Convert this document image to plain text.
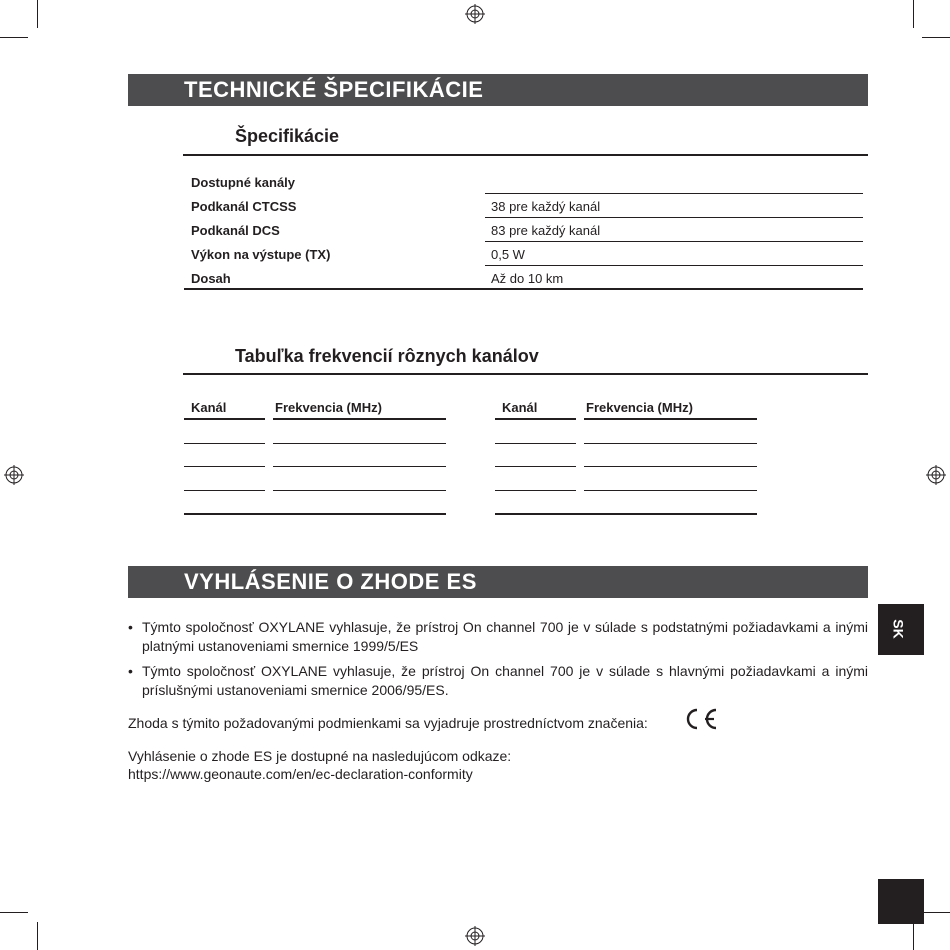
TECHNICKÉ ŠPECIFIKÁCIE
Špecifikácie
Dostupné kanály
Podkanál CTCSS	38 pre každý kanál
Podkanál DCS	83 pre každý kanál
Výkon na výstupe (TX)	0,5 W
Dosah	Až do 10 km
Tabuľka frekvencií rôznych kanálov
Kanál	Frekvencia (MHz)	Kanál	Frekvencia (MHz)
VYHLÁSENIE O ZHODE ES
• Týmto spoločnosť OXYLANE vyhlasuje, že prístroj On channel 700 je v súlade s podstatnými požiadavkami a inými platnými ustanoveniami smernice 1999/5/ES
• Týmto spoločnosť OXYLANE vyhlasuje, že prístroj On channel 700 je v súlade s hlavnými požiadavkami a inými príslušnými ustanoveniami smernice 2006/95/ES.
Zhoda s týmito požadovanými podmienkami sa vyjadruje prostredníctvom značenia:
Vyhlásenie o zhode ES je dostupné na nasledujúcom odkaze:
https://www.geonaute.com/en/ec-declaration-conformity
SK
